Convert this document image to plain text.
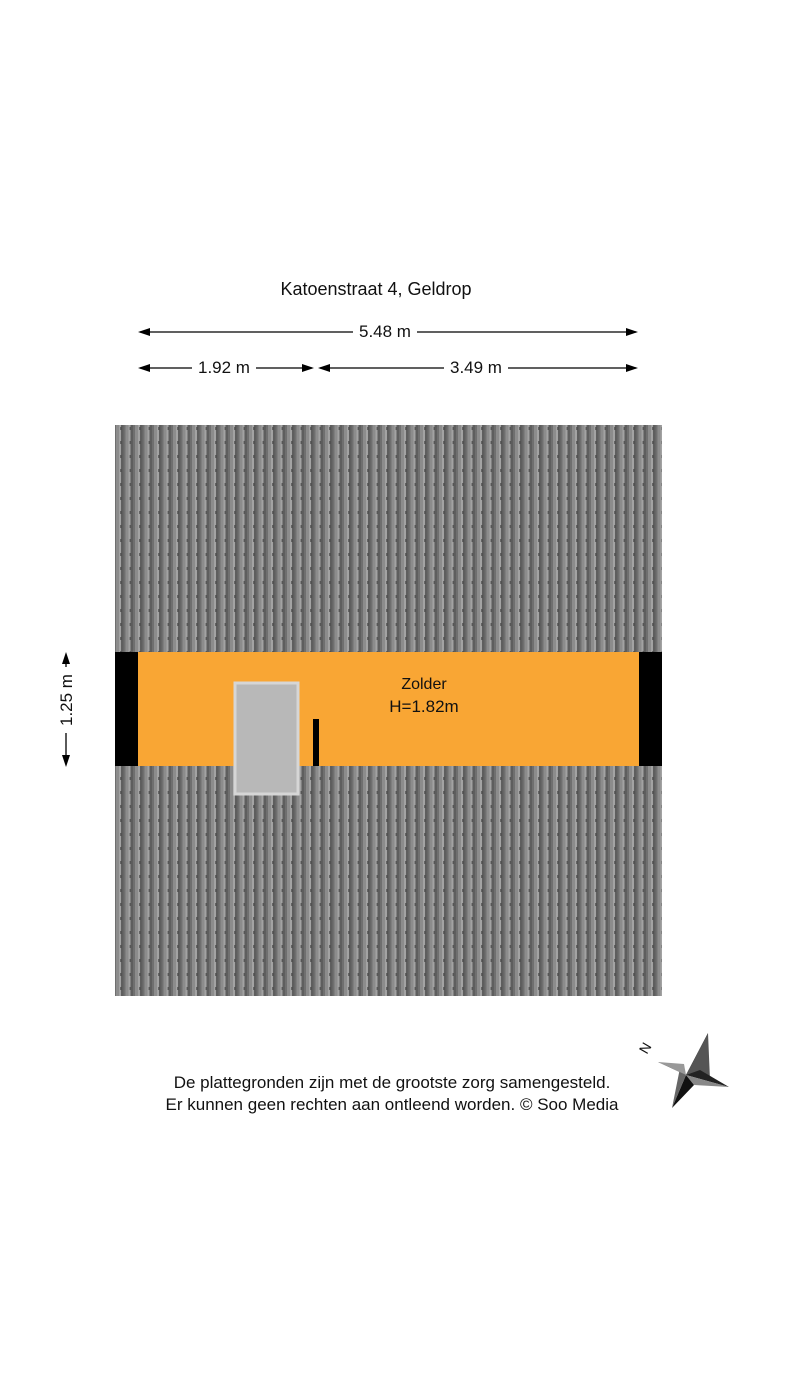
Katoenstraat 4, Geldrop
5.48 m
1.92 m	3.49 m
1.25 m	Zolder
H=1.82m
N
De plattegronden zijn met de grootste zorg samengesteld.
Er kunnen geen rechten aan ontleend worden. © Soo Media
